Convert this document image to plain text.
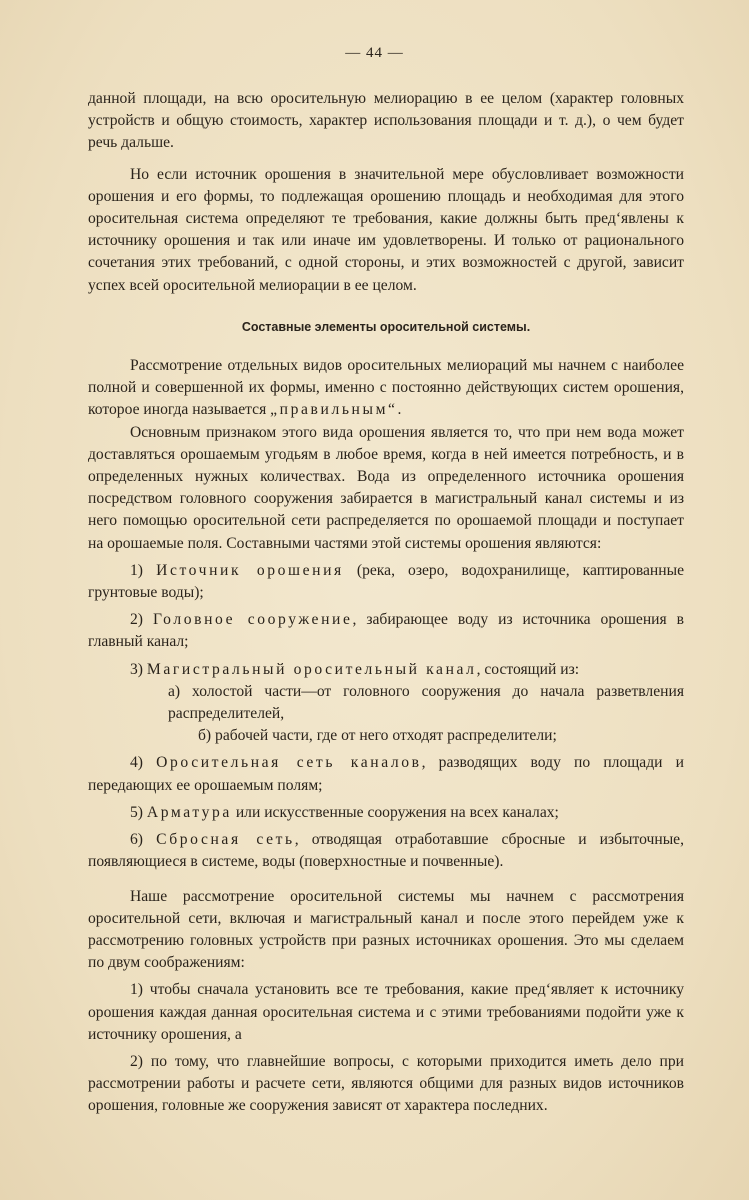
— 44 —

данной площади, на всю оросительную мелиорацию в ее целом (характер головных устройств и общую стоимость, характер использования площади и т. д.), о чем будет речь дальше.

Но если источник орошения в значительной мере обусловливает возможности орошения и его формы, то подлежащая орошению площадь и необходимая для этого оросительная система определяют те требования, какие должны быть пред‘явлены к источнику орошения и так или иначе им удовлетворены. И только от рационального сочетания этих требований, с одной стороны, и этих возможностей с другой, зависит успех всей оросительной мелиорации в ее целом.

Составные элементы оросительной системы.

Рассмотрение отдельных видов оросительных мелиораций мы начнем с наиболее полной и совершенной их формы, именно с постоянно действующих систем орошения, которое иногда называется „правильным“.

Основным признаком этого вида орошения является то, что при нем вода может доставляться орошаемым угодьям в любое время, когда в ней имеется потребность, и в определенных нужных количествах. Вода из определенного источника орошения посредством головного сооружения забирается в магистральный канал системы и из него помощью оросительной сети распределяется по орошаемой площади и поступает на орошаемые поля. Составными частями этой системы орошения являются:

1) Источник орошения (река, озеро, водохранилище, каптированные грунтовые воды);

2) Головное сооружение, забирающее воду из источника орошения в главный канал;

3) Магистральный оросительный канал, состоящий из:

а) холостой части—от головного сооружения до начала разветвления распределителей,

б) рабочей части, где от него отходят распределители;

4) Оросительная сеть каналов, разводящих воду по площади и передающих ее орошаемым полям;

5) Арматура или искусственные сооружения на всех каналах;

6) Сбросная сеть, отводящая отработавшие сбросные и избыточные, появляющиеся в системе, воды (поверхностные и почвенные).

Наше рассмотрение оросительной системы мы начнем с рассмотрения оросительной сети, включая и магистральный канал и после этого перейдем уже к рассмотрению головных устройств при разных источниках орошения. Это мы сделаем по двум соображениям:

1) чтобы сначала установить все те требования, какие пред‘являет к источнику орошения каждая данная оросительная система и с этими требованиями подойти уже к источнику орошения, а

2) по тому, что главнейшие вопросы, с которыми приходится иметь дело при рассмотрении работы и расчете сети, являются общими для разных видов источников орошения, головные же сооружения зависят от характера последних.
